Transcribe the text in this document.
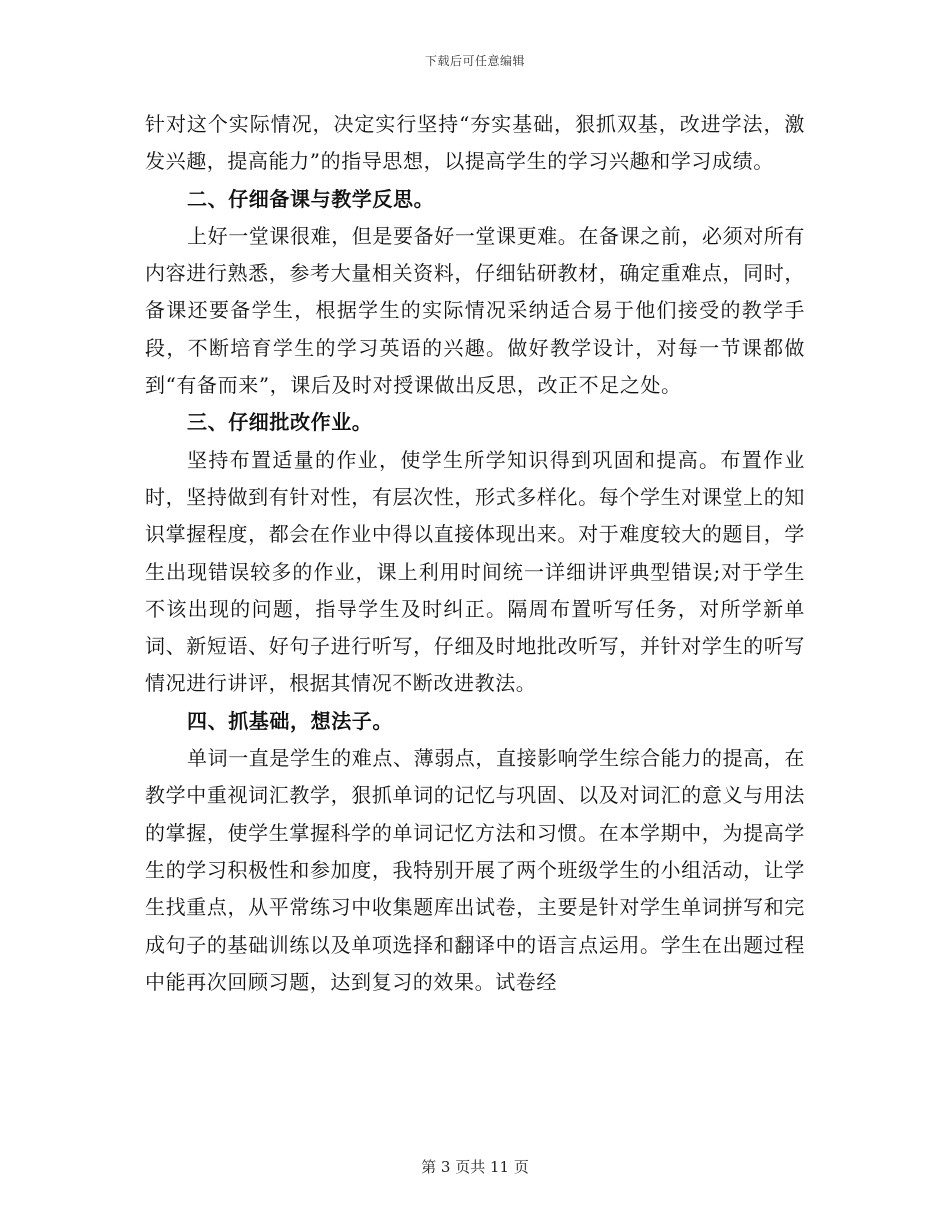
下载后可任意编辑

针对这个实际情况，决定实行坚持“夯实基础，狠抓双基，改进学法，激发兴趣，提高能力”的指导思想，以提高学生的学习兴趣和学习成绩。

二、仔细备课与教学反思。

上好一堂课很难，但是要备好一堂课更难。在备课之前，必须对所有内容进行熟悉，参考大量相关资料，仔细钻研教材，确定重难点，同时，备课还要备学生，根据学生的实际情况采纳适合易于他们接受的教学手段，不断培育学生的学习英语的兴趣。做好教学设计，对每一节课都做到“有备而来”，课后及时对授课做出反思，改正不足之处。

三、仔细批改作业。

坚持布置适量的作业，使学生所学知识得到巩固和提高。布置作业时，坚持做到有针对性，有层次性，形式多样化。每个学生对课堂上的知识掌握程度，都会在作业中得以直接体现出来。对于难度较大的题目，学生出现错误较多的作业，课上利用时间统一详细讲评典型错误;对于学生不该出现的问题，指导学生及时纠正。隔周布置听写任务，对所学新单词、新短语、好句子进行听写，仔细及时地批改听写，并针对学生的听写情况进行讲评，根据其情况不断改进教法。

四、抓基础，想法子。

单词一直是学生的难点、薄弱点，直接影响学生综合能力的提高，在教学中重视词汇教学，狠抓单词的记忆与巩固、以及对词汇的意义与用法的掌握，使学生掌握科学的单词记忆方法和习惯。在本学期中，为提高学生的学习积极性和参加度，我特别开展了两个班级学生的小组活动，让学生找重点，从平常练习中收集题库出试卷，主要是针对学生单词拼写和完成句子的基础训练以及单项选择和翻译中的语言点运用。学生在出题过程中能再次回顾习题，达到复习的效果。试卷经

第 3 页共 11 页
